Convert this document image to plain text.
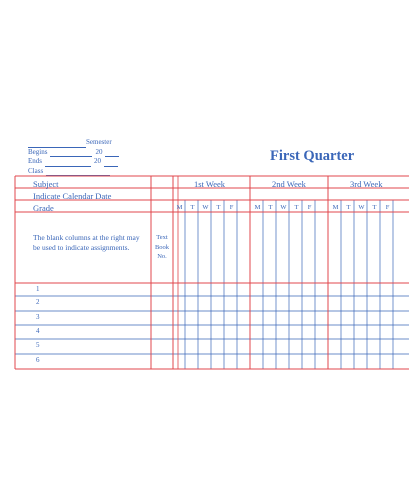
Semester
Begins	20
Ends	20
Class
First Quarter
Subject
Indicate Calendar Date
Grade
The blank columns at the right may be used to indicate assignments.
Text
Book
No.
1st Week	2nd Week	3rd Week
M	T	W	T	F	M	T	W	T	F	M	T	W	T	F
1
2
3
4
5
6
